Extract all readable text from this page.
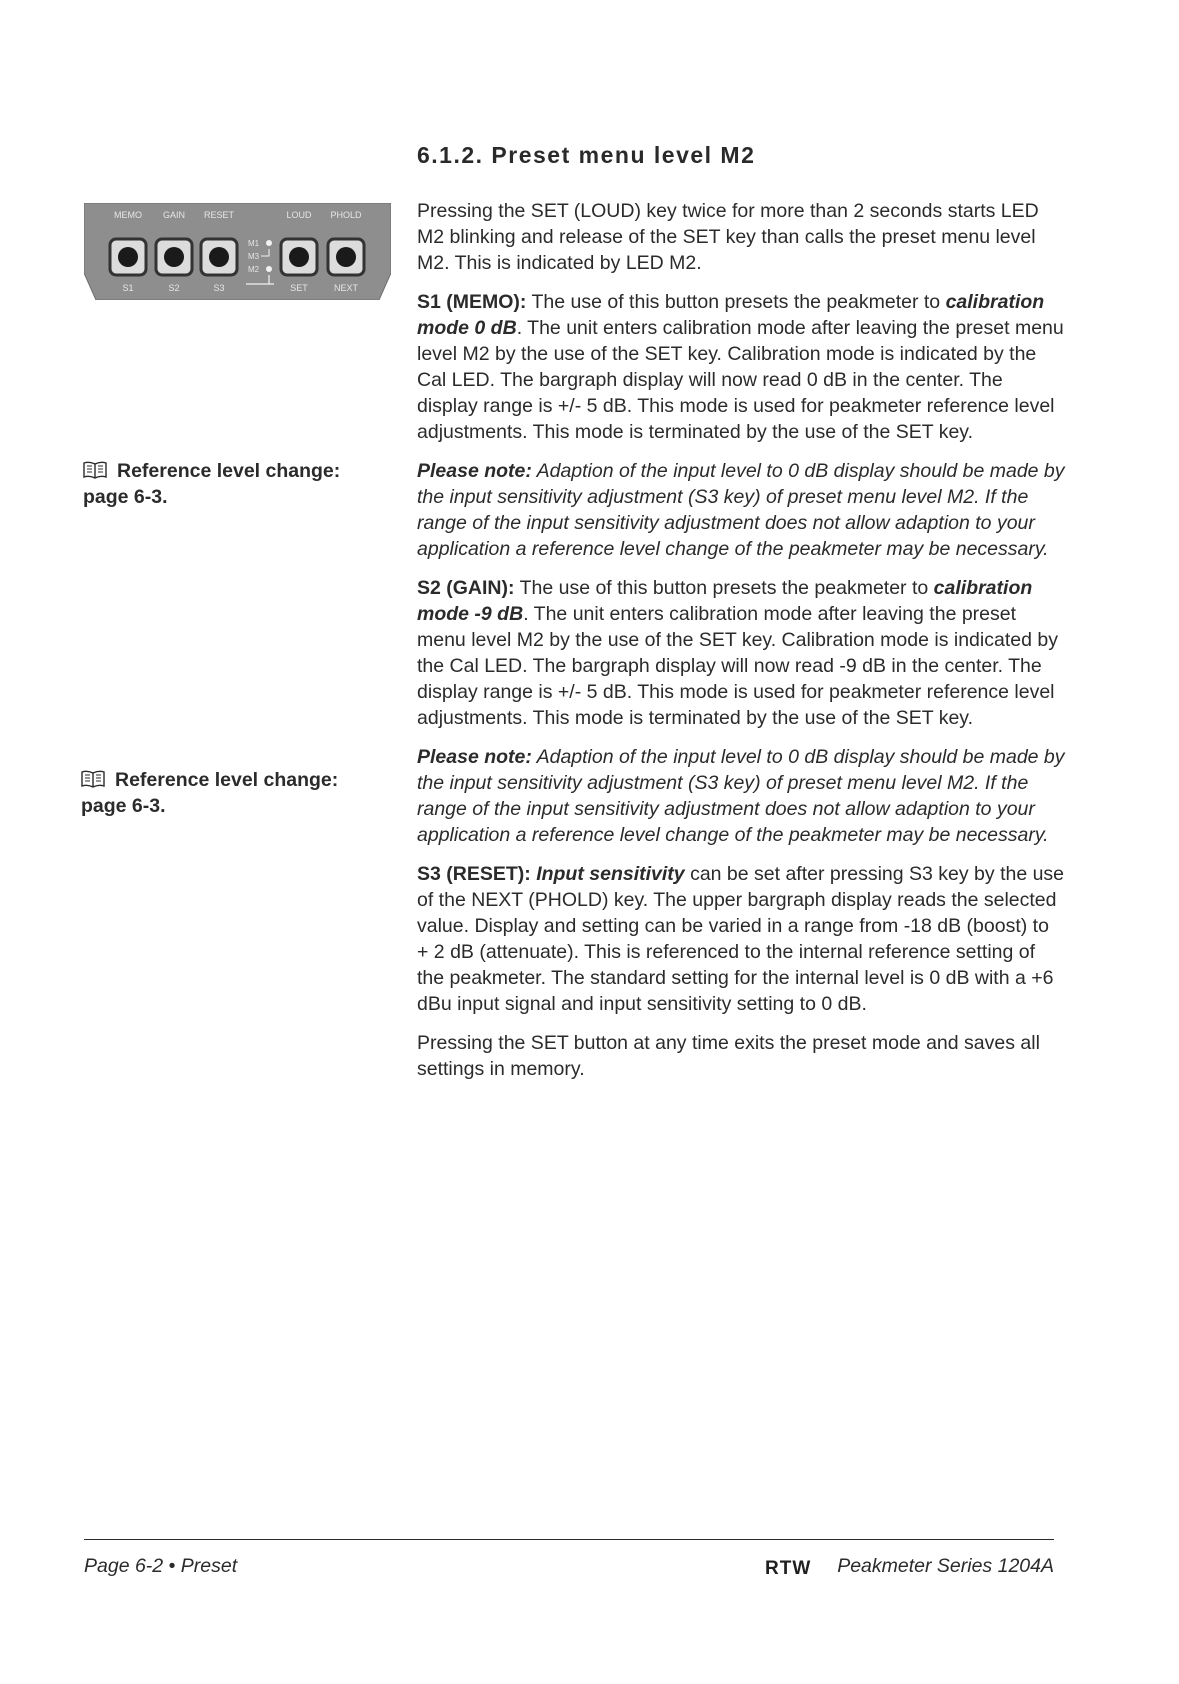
6.1.2. Preset menu level M2
MEMO GAIN RESET	LOUD PHOLD
S1	S2	S3	SET	NEXT
M1
M3
M2
Reference level change:
page 6-3.
Reference level change:
page 6-3.

Pressing the SET (LOUD) key twice for more than 2 seconds starts LED M2 blinking and release of the SET key than calls the preset menu level M2. This is indicated by LED M2.

S1 (MEMO): The use of this button presets the peakmeter to calibration mode 0 dB. The unit enters calibration mode after leaving the preset menu level M2 by the use of the SET key. Calibration mode is indicated by the Cal LED. The bargraph display will now read 0 dB in the center. The display range is +/- 5 dB. This mode is used for peakmeter reference level adjustments. This mode is terminated by the use of the SET key.

Please note: Adaption of the input level to 0 dB display should be made by the input sensitivity adjustment (S3 key) of preset menu level M2. If the range of the input sensitivity adjustment does not allow adaption to your application a reference level change of the peakmeter may be necessary.

S2 (GAIN): The use of this button presets the peakmeter to calibration mode -9 dB. The unit enters calibration mode after leaving the preset menu level M2 by the use of the SET key. Calibration mode is indicated by the Cal LED. The bargraph display will now read -9 dB in the center. The display range is +/- 5 dB. This mode is used for peakmeter reference level adjustments. This mode is terminated by the use of the SET key.

Please note: Adaption of the input level to 0 dB display should be made by the input sensitivity adjustment (S3 key) of preset menu level M2. If the range of the input sensitivity adjustment does not allow adaption to your application a reference level change of the peakmeter may be necessary.

S3 (RESET): Input sensitivity can be set after pressing S3 key by the use of the NEXT (PHOLD) key. The upper bargraph display reads the selected value. Display and setting can be varied in a range from -18 dB (boost) to + 2 dB (attenuate). This is referenced to the internal reference setting of the peakmeter. The standard setting for the internal level is 0 dB with a +6 dBu input signal and input sensitivity setting to 0 dB.

Pressing the SET button at any time exits the preset mode and saves all settings in memory.

Page 6-2 • Preset	RTW Peakmeter Series 1204A
